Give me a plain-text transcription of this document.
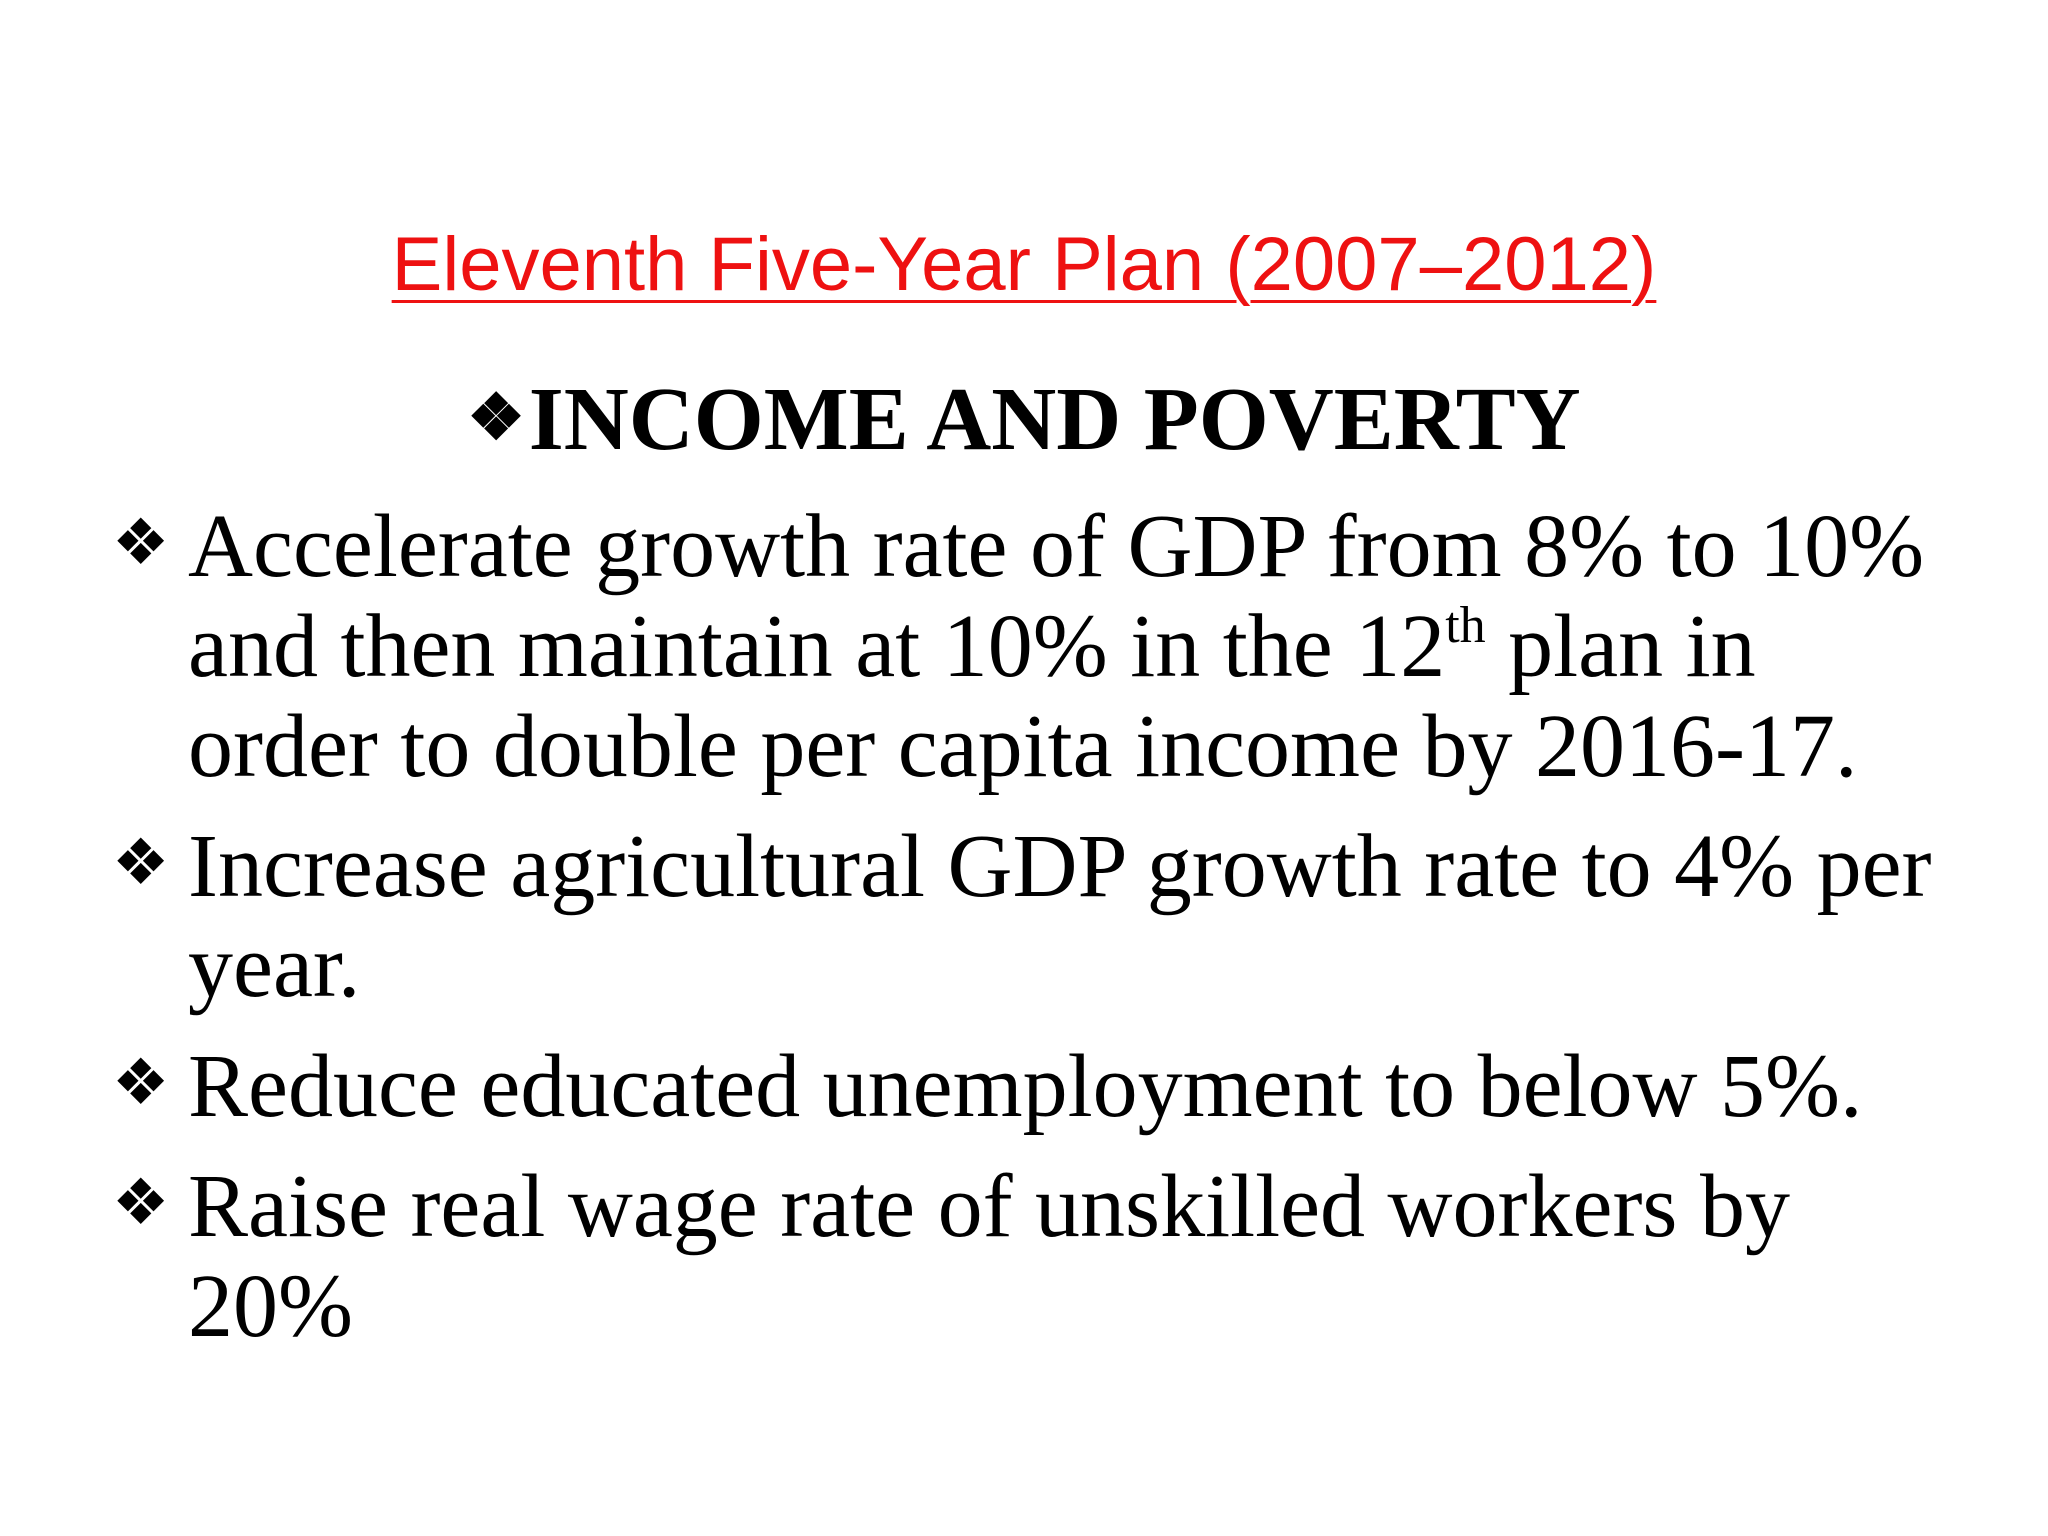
Eleventh Five-Year Plan (2007–2012)
❖INCOME AND POVERTY
❖ Accelerate growth rate of GDP from 8% to 10% and then maintain at 10% in the 12th plan in order to double per capita income by 2016-17.
❖ Increase agricultural GDP growth rate to 4% per year.
❖ Reduce educated unemployment to below 5%.
❖ Raise real wage rate of unskilled workers by 20%
